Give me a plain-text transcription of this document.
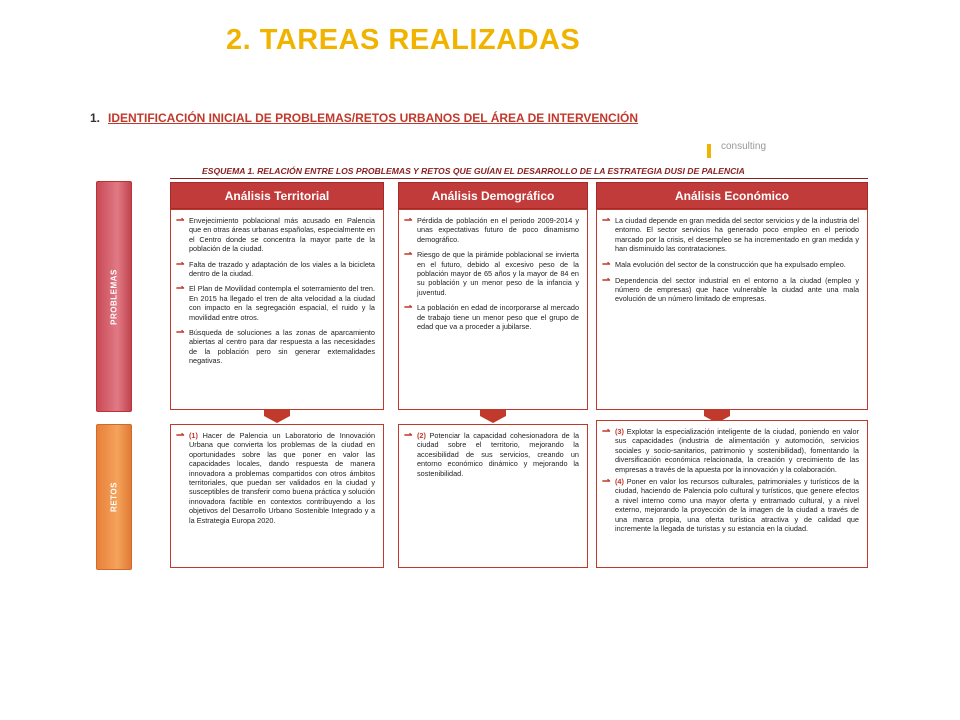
2. TAREAS REALIZADAS
1. IDENTIFICACIÓN INICIAL DE PROBLEMAS/RETOS URBANOS DEL ÁREA DE INTERVENCIÓN
consulting
ESQUEMA 1. RELACIÓN ENTRE LOS PROBLEMAS Y RETOS QUE GUÍAN EL DESARROLLO DE LA ESTRATEGIA DUSI DE PALENCIA
PROBLEMAS
RETOS
Análisis Territorial	Análisis Demográfico	Análisis Económico
⇀ Envejecimiento poblacional más acusado en Palencia que en otras áreas urbanas españolas, especialmente en el Centro donde se concentra la mayor parte de la población de la ciudad.
⇀ Falta de trazado y adaptación de los viales a la bicicleta dentro de la ciudad.
⇀ El Plan de Movilidad contempla el soterramiento del tren. En 2015 ha llegado el tren de alta velocidad a la ciudad con impacto en la segregación espacial, el ruido y la movilidad entre otros.
⇀ Búsqueda de soluciones a las zonas de aparcamiento abiertas al centro para dar respuesta a las necesidades de la población pero sin generar externalidades negativas.
⇀ Pérdida de población en el periodo 2009-2014 y unas expectativas futuro de poco dinamismo demográfico.
⇀ Riesgo de que la pirámide poblacional se invierta en el futuro, debido al excesivo peso de la población mayor de 65 años y la mayor de 84 en su población y un menor peso de la infancia y juventud.
⇀ La población en edad de incorporarse al mercado de trabajo tiene un menor peso que el grupo de edad que va a proceder a jubilarse.
⇀ La ciudad depende en gran medida del sector servicios y de la industria del entorno. El sector servicios ha generado poco empleo en el periodo marcado por la crisis, el desempleo se ha incrementado en gran medida y han disminuido las contrataciones.
⇀ Mala evolución del sector de la construcción que ha expulsado empleo.
⇀ Dependencia del sector industrial en el entorno a la ciudad (empleo y número de empresas) que hace vulnerable la ciudad ante una mala evolución de un número limitado de empresas.
⇀ (1) Hacer de Palencia un Laboratorio de Innovación Urbana que convierta los problemas de la ciudad en oportunidades sobre las que poner en valor las capacidades locales, dando respuesta de manera innovadora a problemas compartidos con otros ámbitos territoriales, que puedan ser validados en la ciudad y susceptibles de transferir como buena práctica y solución innovadora factible en contextos contribuyendo a los objetivos del Desarrollo Urbano Sostenible Integrado y a la Estrategia Europa 2020.
⇀ (2) Potenciar la capacidad cohesionadora de la ciudad sobre el territorio, mejorando la accesibilidad de sus servicios, creando un entorno económico dinámico y mejorando la sostenibilidad.
⇀ (3) Explotar la especialización inteligente de la ciudad, poniendo en valor sus capacidades (industria de alimentación y automoción, servicios sociales y socio-sanitarios, patrimonio y sostenibilidad), fomentando la diversificación económica relacionada, la creación y crecimiento de las empresas a través de la apuesta por la innovación y la colaboración.
⇀ (4) Poner en valor los recursos culturales, patrimoniales y turísticos de la ciudad, haciendo de Palencia polo cultural y turísticos, que genere efectos a nivel interno como una mayor oferta y entramado cultural, y a nivel externo, mejorando la proyección de la imagen de la ciudad a través de una marca propia, una oferta turística atractiva y de calidad que incremente la llegada de turistas y su estancia en la ciudad.
